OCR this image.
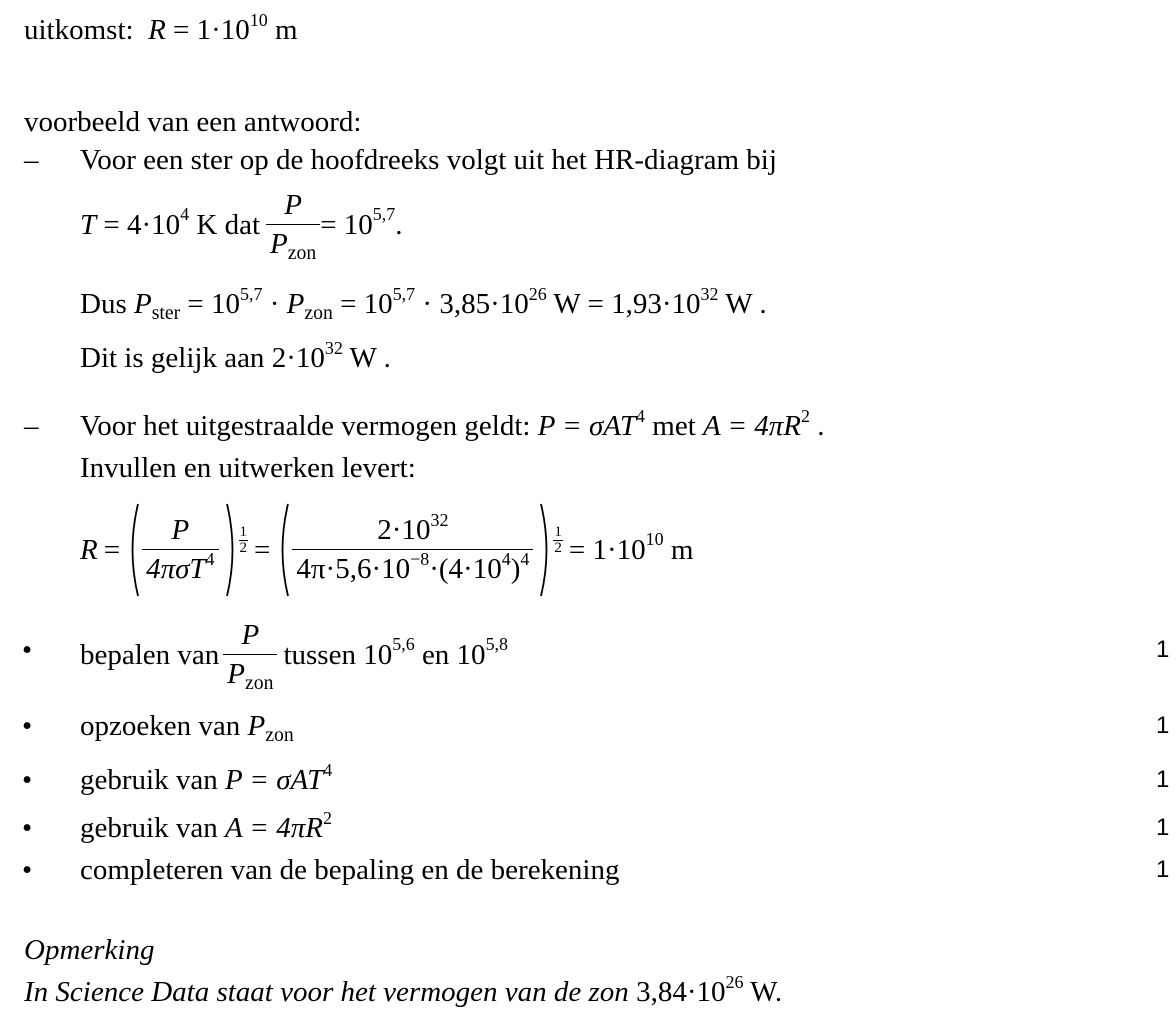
uitkomst: $R = 1\cdot 10^{10}$ m
voorbeeld van een antwoord:
– Voor een ster op de hoofdreeks volgt uit het HR-diagram bij
$T = 4\cdot 10^4$ K dat $\frac{P}{P_{zon}} = 10^{5,7}$.
Dus $P_{ster} = 10^{5,7} \cdot P_{zon} = 10^{5,7} \cdot 3,85\cdot 10^{26}$ $W = 1,93\cdot 10^{32}$ W .
Dit is gelijk aan $2\cdot 10^{32}$ W .
– Voor het uitgestraalde vermogen geldt: P = σAT$^4$ met $A = 4\pi R^2$ .
Invullen en uitwerken levert:
$R = \frac{P}{4\pi\sigma T^4} \frac{1}{2} = \frac{2\cdot 10^{32}}{4\pi\cdot 5,6\cdot 10^{-8}\cdot(4\cdot 10^4)^4} \frac{1}{2} = 1\cdot 10^{10}$ m
• bepalen van $\frac{P}{P_{zon}}$ tussen 10$^{5,6}$ en 10$^{5,8}$	1
• opzoeken van $P_{zon}$	1
• gebruik van P = σAT$^4$	1
• gebruik van $A = 4\pi R^2$	1
• completeren van de bepaling en de berekening	1
Opmerking
In Science Data staat voor het vermogen van de zon $3,84\cdot 10^{26}$ W.
